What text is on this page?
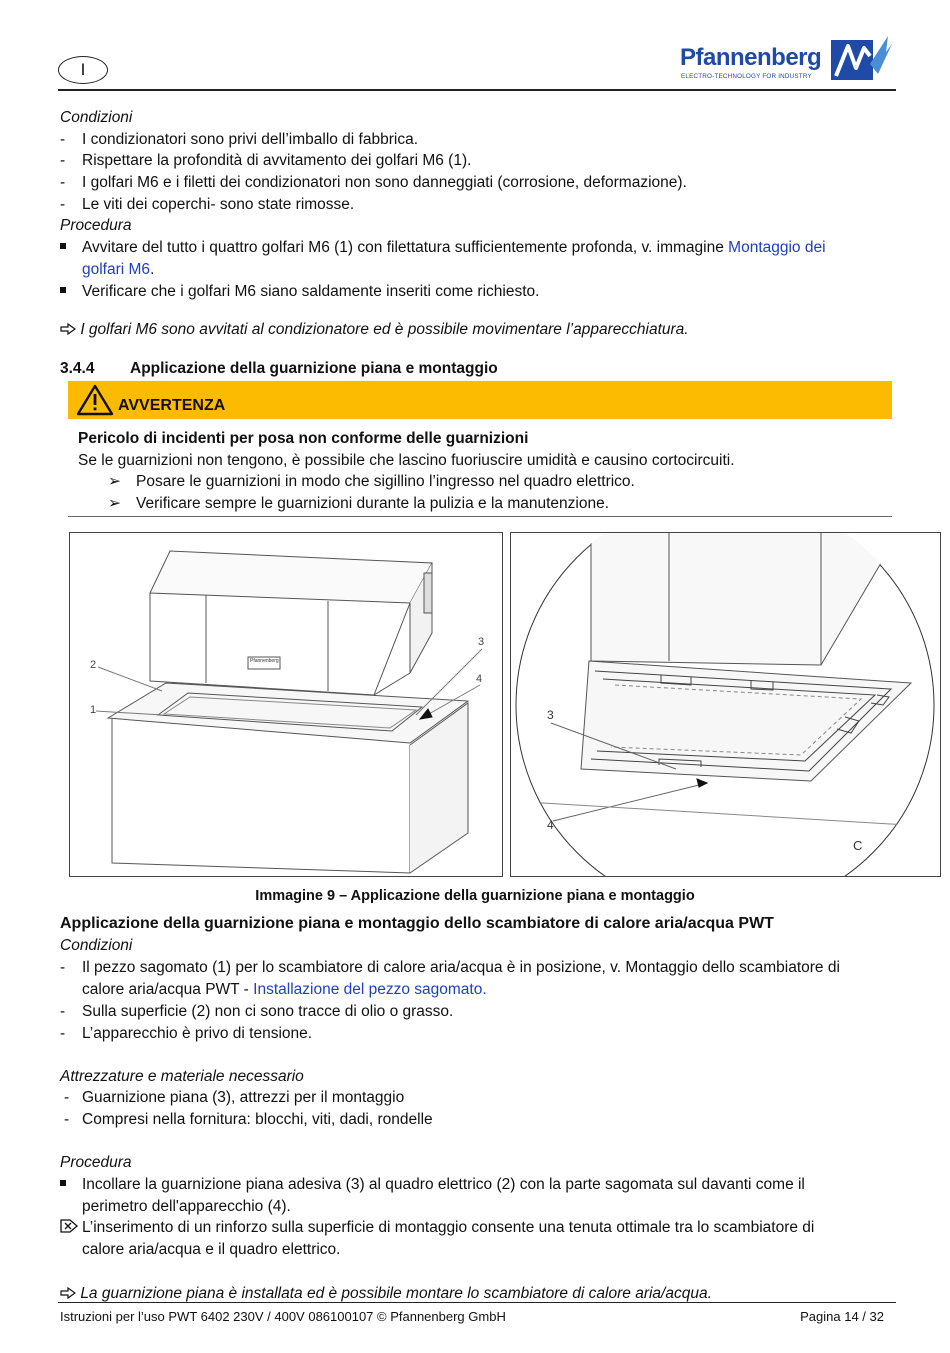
I	Pfannenberg
ELECTRO-TECHNOLOGY FOR INDUSTRY
Condizioni
- I condizionatori sono privi dell’imballo di fabbrica.
- Rispettare la profondità di avvitamento dei golfari M6 (1).
- I golfari M6 e i filetti dei condizionatori non sono danneggiati (corrosione, deformazione).
- Le viti dei coperchi- sono state rimosse.
Procedura
Avvitare del tutto i quattro golfari M6 (1) con filettatura sufficientemente profonda, v. immagine Montaggio dei
golfari M6.
Verificare che i golfari M6 siano saldamente inseriti come richiesto.
I golfari M6 sono avvitati al condizionatore ed è possibile movimentare l’apparecchiatura.
3.4.4 Applicazione della guarnizione piana e montaggio
AVVERTENZA
Pericolo di incidenti per posa non conforme delle guarnizioni
Se le guarnizioni non tengono, è possibile che lascino fuoriuscire umidità e causino cortocircuiti.
➢ Posare le guarnizioni in modo che sigillino l’ingresso nel quadro elettrico.
➢ Verificare sempre le guarnizioni durante la pulizia e la manutenzione.
Pfannenberg
1
2
3
4
3
4
C
Immagine 9 – Applicazione della guarnizione piana e montaggio
Applicazione della guarnizione piana e montaggio dello scambiatore di calore aria/acqua PWT
Condizioni
- Il pezzo sagomato (1) per lo scambiatore di calore aria/acqua è in posizione, v. Montaggio dello scambiatore di
calore aria/acqua PWT - Installazione del pezzo sagomato.
- Sulla superficie (2) non ci sono tracce di olio o grasso.
- L’apparecchio è privo di tensione.
Attrezzature e materiale necessario
- Guarnizione piana (3), attrezzi per il montaggio
- Compresi nella fornitura: blocchi, viti, dadi, rondelle
Procedura
Incollare la guarnizione piana adesiva (3) al quadro elettrico (2) con la parte sagomata sul davanti come il
perimetro dell'apparecchio (4).
L’inserimento di un rinforzo sulla superficie di montaggio consente una tenuta ottimale tra lo scambiatore di
calore aria/acqua e il quadro elettrico.
La guarnizione piana è installata ed è possibile montare lo scambiatore di calore aria/acqua.
Istruzioni per l’uso PWT 6402 230V / 400V 086100107 © Pfannenberg GmbH	Pagina 14 / 32
